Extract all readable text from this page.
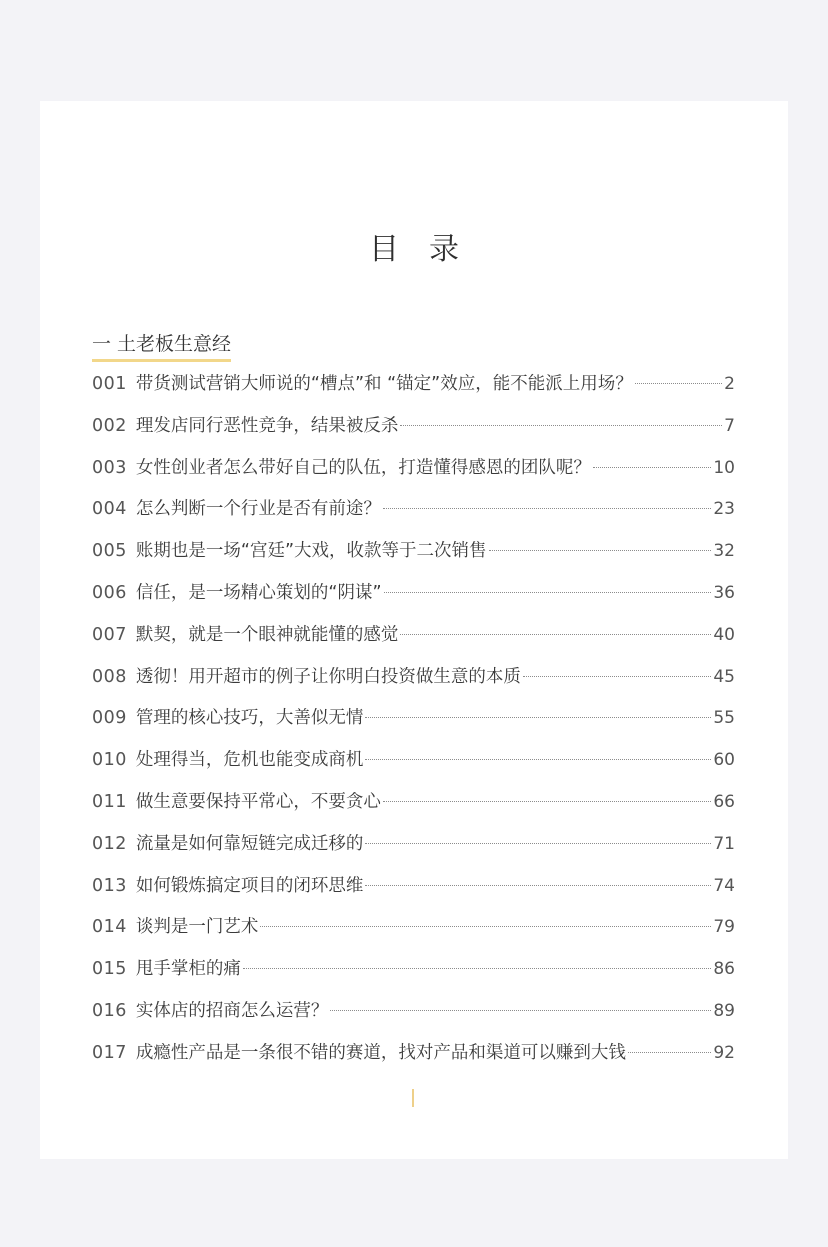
目录
一 土老板生意经
001 带货测试营销大师说的“槽点”和 “锚定”效应，能不能派上用场？	2
002 理发店同行恶性竞争，结果被反杀	7
003 女性创业者怎么带好自己的队伍，打造懂得感恩的团队呢？	10
004 怎么判断一个行业是否有前途？	23
005 账期也是一场“宫廷”大戏，收款等于二次销售	32
006 信任，是一场精心策划的“阴谋”	36
007 默契，就是一个眼神就能懂的感觉	40
008 透彻！用开超市的例子让你明白投资做生意的本质	45
009 管理的核心技巧，大善似无情	55
010 处理得当，危机也能变成商机	60
011 做生意要保持平常心，不要贪心	66
012 流量是如何靠短链完成迁移的	71
013 如何锻炼搞定项目的闭环思维	74
014 谈判是一门艺术	79
015 甩手掌柜的痛	86
016 实体店的招商怎么运营？	89
017 成瘾性产品是一条很不错的赛道，找对产品和渠道可以赚到大钱	92
